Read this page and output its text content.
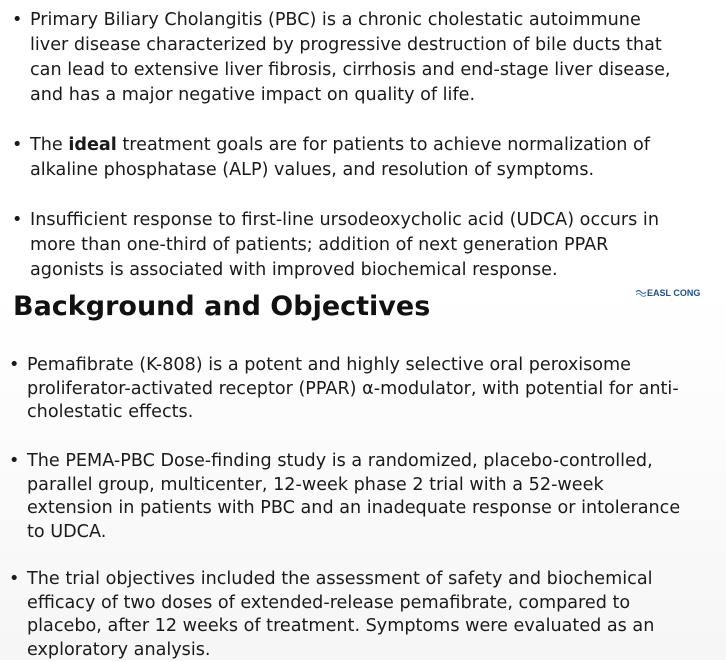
• Primary Biliary Cholangitis (PBC) is a chronic cholestatic autoimmune
liver disease characterized by progressive destruction of bile ducts that
can lead to extensive liver fibrosis, cirrhosis and end-stage liver disease,
and has a major negative impact on quality of life.
• The ideal treatment goals are for patients to achieve normalization of
alkaline phosphatase (ALP) values, and resolution of symptoms.
• Insufficient response to first-line ursodeoxycholic acid (UDCA) occurs in
more than one-third of patients; addition of next generation PPAR
agonists is associated with improved biochemical response.
Background and Objectives	EASL CONG
...
• Pemafibrate (K-808) is a potent and highly selective oral peroxisome
proliferator-activated receptor (PPAR) α-modulator, with potential for anti-
cholestatic effects.
• The PEMA-PBC Dose-finding study is a randomized, placebo-controlled,
parallel group, multicenter, 12-week phase 2 trial with a 52-week
extension in patients with PBC and an inadequate response or intolerance
to UDCA.
• The trial objectives included the assessment of safety and biochemical
efficacy of two doses of extended-release pemafibrate, compared to
placebo, after 12 weeks of treatment. Symptoms were evaluated as an
exploratory analysis.
